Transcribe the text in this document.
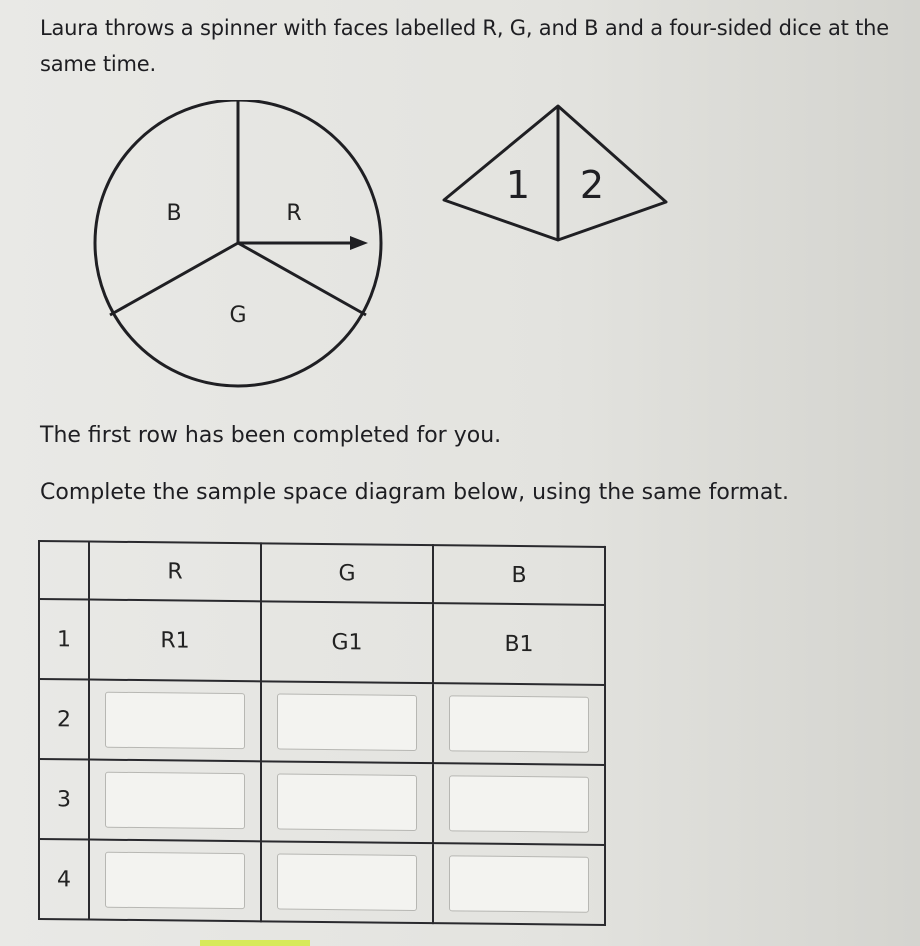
Laura throws a spinner with faces labelled R, G, and B and a four-sided dice at the same time.
B	R
G
1 2
The ﬁrst row has been completed for you.
Complete the sample space diagram below, using the same format.
	R	G	B
1	R1	G1	B1
2			
3			
4			
